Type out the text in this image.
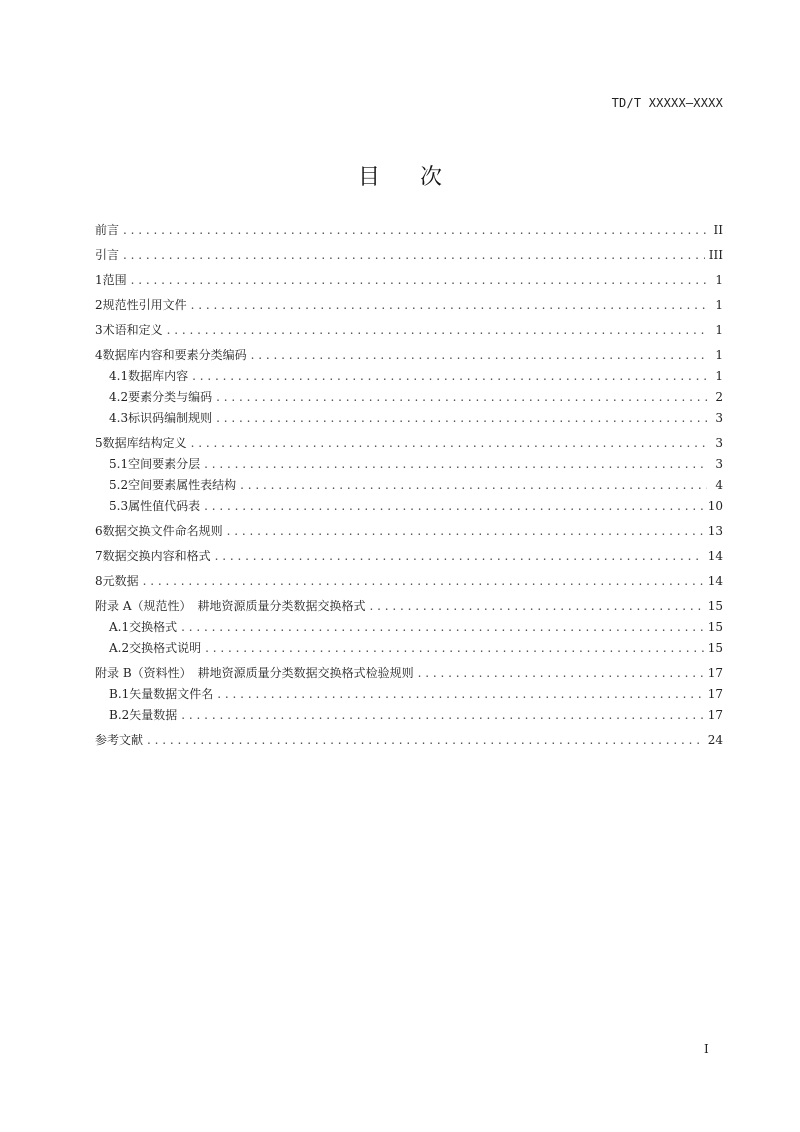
TD/T XXXXX—XXXX
目次
前言 . . .	II
引言 . . .	III
1 范围 . . .	1
2 规范性引用文件 . . .	1
3 术语和定义 . . .	1
4 数据库内容和要素分类编码 . . .	1
4.1 数据库内容 . . .	1
4.2 要素分类与编码 . . .	2
4.3 标识码编制规则 . . .	3
5 数据库结构定义 . . .	3
5.1 空间要素分层 . . .	3
5.2 空间要素属性表结构 . . .	4
5.3 属性值代码表 . . .	10
6 数据交换文件命名规则 . . .	13
7 数据交换内容和格式 . . .	14
8 元数据 . . .	14
附录 A（规范性）　耕地资源质量分类数据交换格式 . . .	15
A.1 交换格式 . . .	15
A.2 交换格式说明 . . .	15
附录 B（资料性）　耕地资源质量分类数据交换格式检验规则 . . .	17
B.1 矢量数据文件名 . . .	17
B.2 矢量数据 . . .	17
参考文献 . . .	24
I
